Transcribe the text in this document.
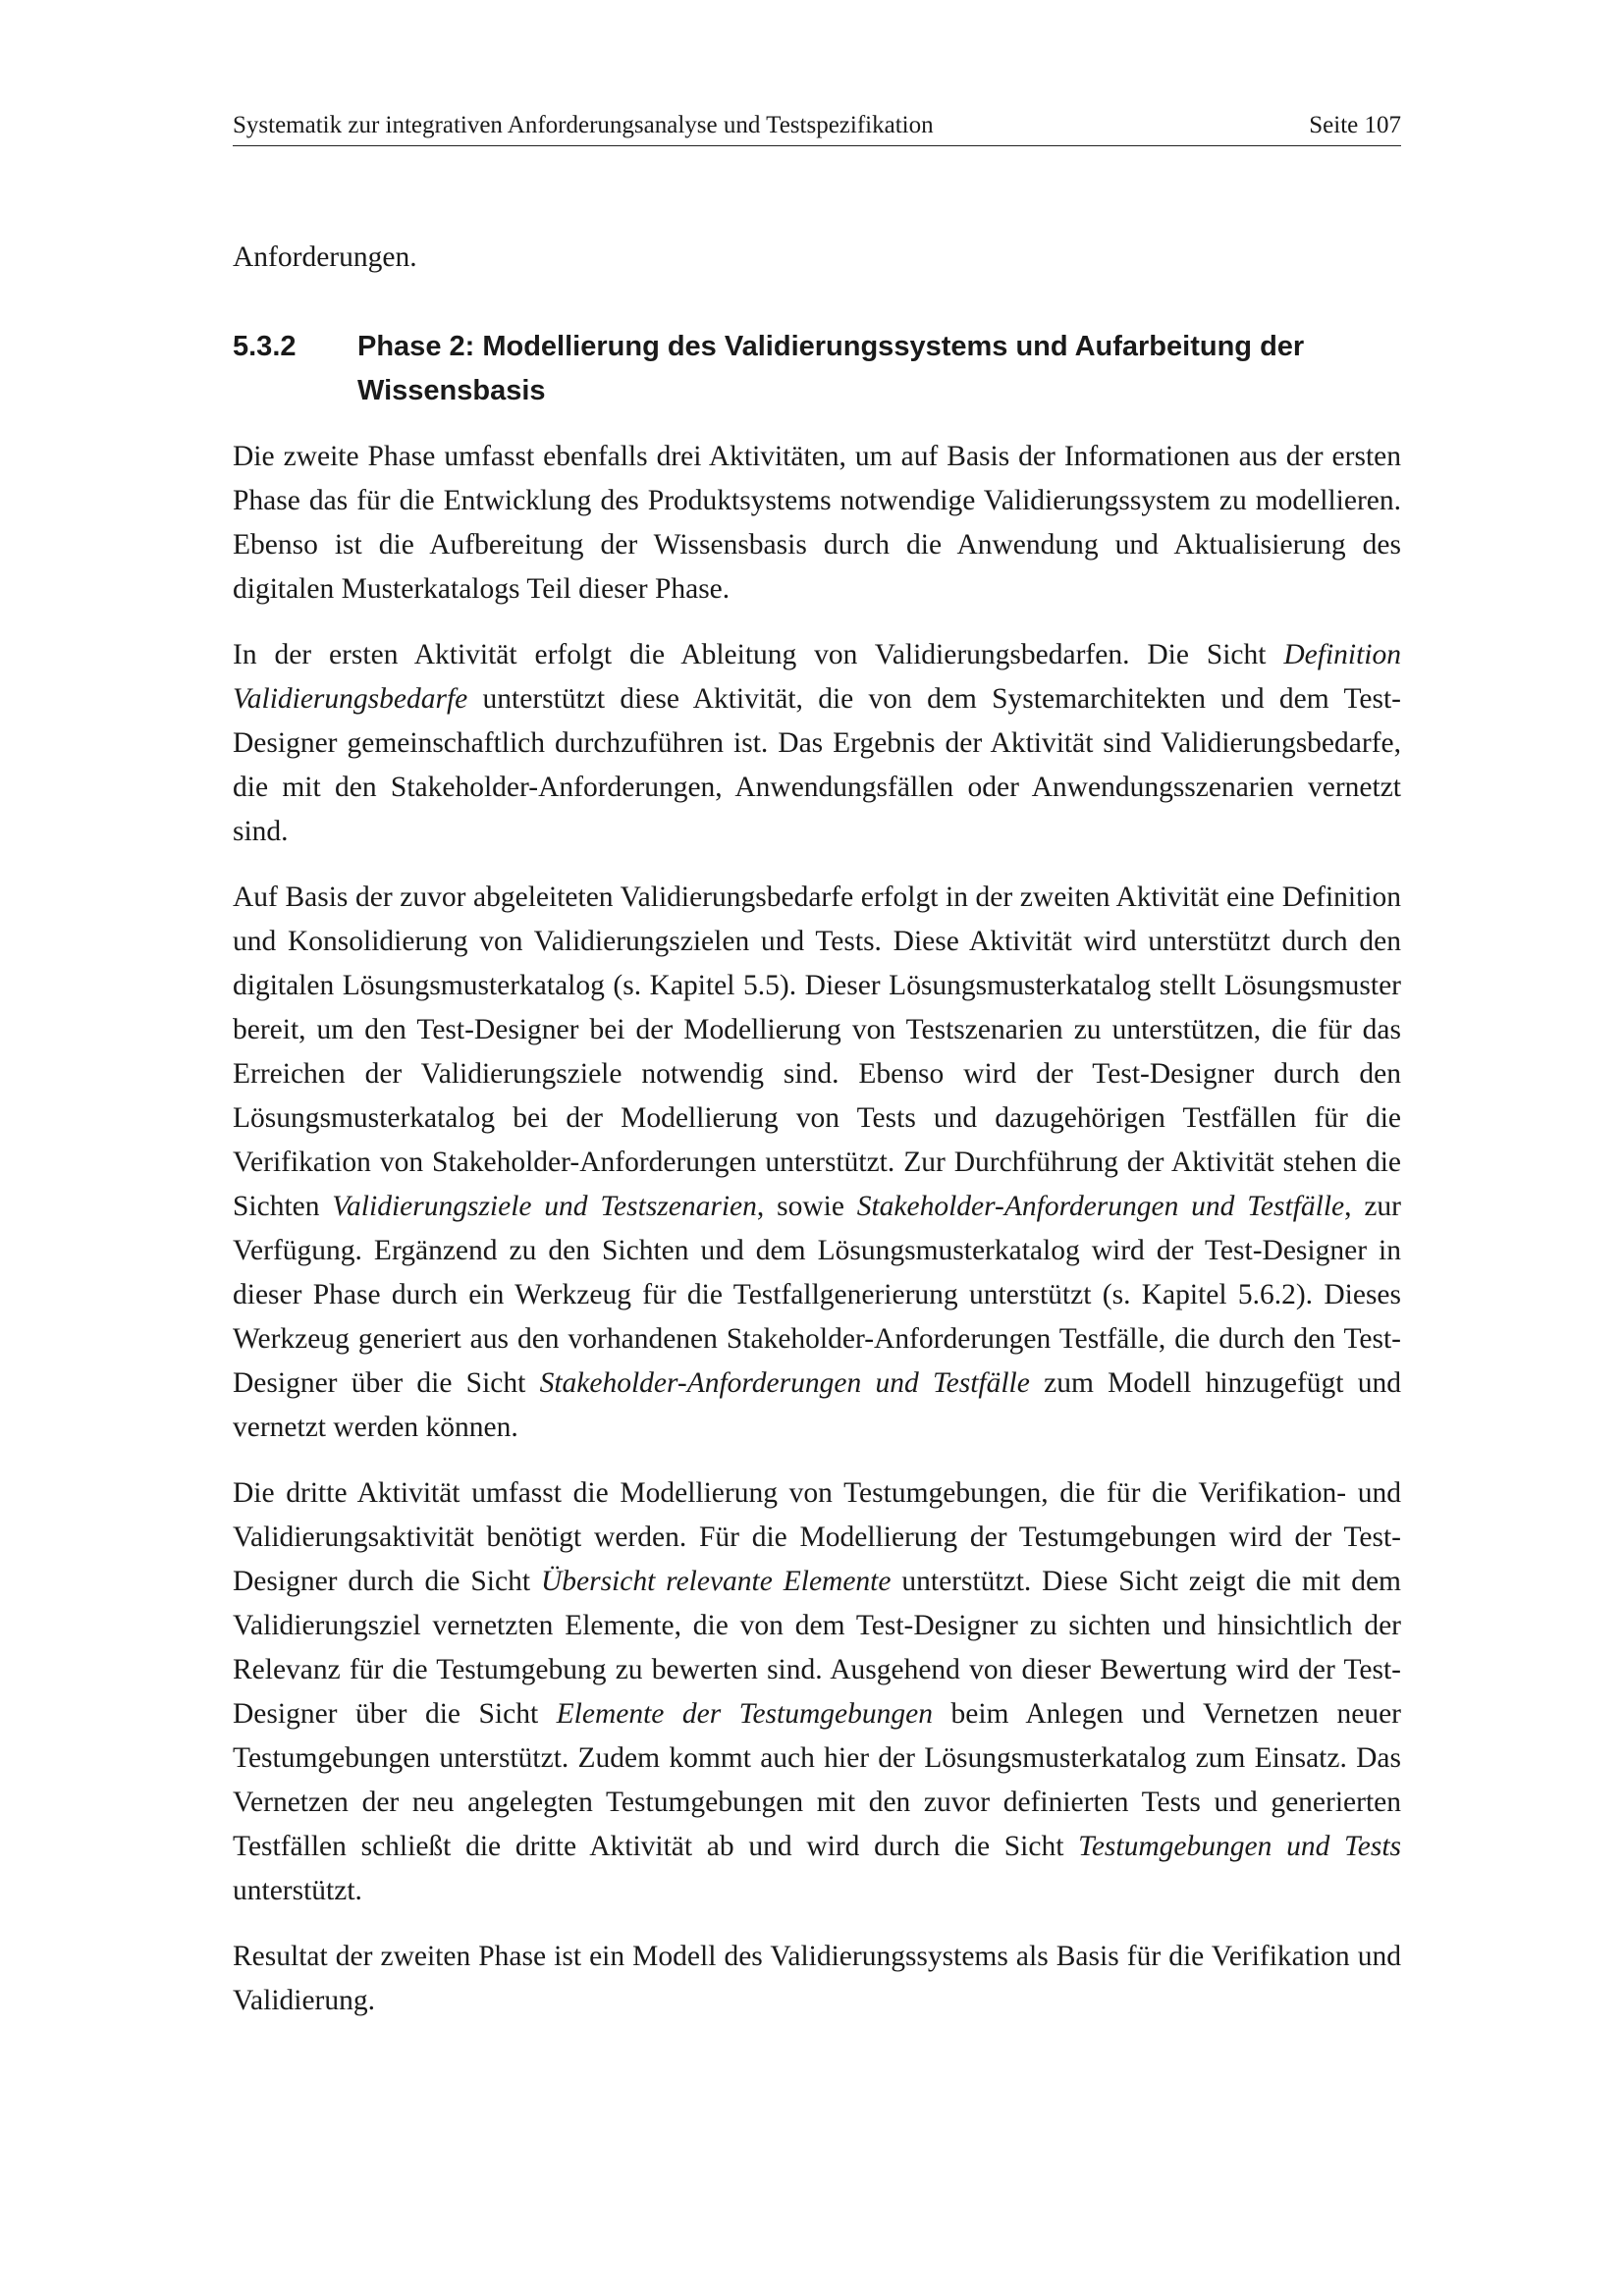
Systematik zur integrativen Anforderungsanalyse und Testspezifikation	Seite 107

Anforderungen.

5.3.2	Phase 2: Modellierung des Validierungssystems und Aufarbeitung der Wissensbasis

Die zweite Phase umfasst ebenfalls drei Aktivitäten, um auf Basis der Informationen aus der ersten Phase das für die Entwicklung des Produktsystems notwendige Validierungssystem zu modellieren. Ebenso ist die Aufbereitung der Wissensbasis durch die Anwendung und Aktualisierung des digitalen Musterkatalogs Teil dieser Phase.

In der ersten Aktivität erfolgt die Ableitung von Validierungsbedarfen. Die Sicht Definition Validierungsbedarfe unterstützt diese Aktivität, die von dem Systemarchitekten und dem Test-Designer gemeinschaftlich durchzuführen ist. Das Ergebnis der Aktivität sind Validierungsbedarfe, die mit den Stakeholder-Anforderungen, Anwendungsfällen oder Anwendungsszenarien vernetzt sind.

Auf Basis der zuvor abgeleiteten Validierungsbedarfe erfolgt in der zweiten Aktivität eine Definition und Konsolidierung von Validierungszielen und Tests. Diese Aktivität wird unterstützt durch den digitalen Lösungsmusterkatalog (s. Kapitel 5.5). Dieser Lösungsmusterkatalog stellt Lösungsmuster bereit, um den Test-Designer bei der Modellierung von Testszenarien zu unterstützen, die für das Erreichen der Validierungsziele notwendig sind. Ebenso wird der Test-Designer durch den Lösungsmusterkatalog bei der Modellierung von Tests und dazugehörigen Testfällen für die Verifikation von Stakeholder-Anforderungen unterstützt. Zur Durchführung der Aktivität stehen die Sichten Validierungsziele und Testszenarien, sowie Stakeholder-Anforderungen und Testfälle, zur Verfügung. Ergänzend zu den Sichten und dem Lösungsmusterkatalog wird der Test-Designer in dieser Phase durch ein Werkzeug für die Testfallgenerierung unterstützt (s. Kapitel 5.6.2). Dieses Werkzeug generiert aus den vorhandenen Stakeholder-Anforderungen Testfälle, die durch den Test-Designer über die Sicht Stakeholder-Anforderungen und Testfälle zum Modell hinzugefügt und vernetzt werden können.

Die dritte Aktivität umfasst die Modellierung von Testumgebungen, die für die Verifikation- und Validierungsaktivität benötigt werden. Für die Modellierung der Testumgebungen wird der Test-Designer durch die Sicht Übersicht relevante Elemente unterstützt. Diese Sicht zeigt die mit dem Validierungsziel vernetzten Elemente, die von dem Test-Designer zu sichten und hinsichtlich der Relevanz für die Testumgebung zu bewerten sind. Ausgehend von dieser Bewertung wird der Test-Designer über die Sicht Elemente der Testumgebungen beim Anlegen und Vernetzen neuer Testumgebungen unterstützt. Zudem kommt auch hier der Lösungsmusterkatalog zum Einsatz. Das Vernetzen der neu angelegten Testumgebungen mit den zuvor definierten Tests und generierten Testfällen schließt die dritte Aktivität ab und wird durch die Sicht Testumgebungen und Tests unterstützt.

Resultat der zweiten Phase ist ein Modell des Validierungssystems als Basis für die Verifikation und Validierung.
